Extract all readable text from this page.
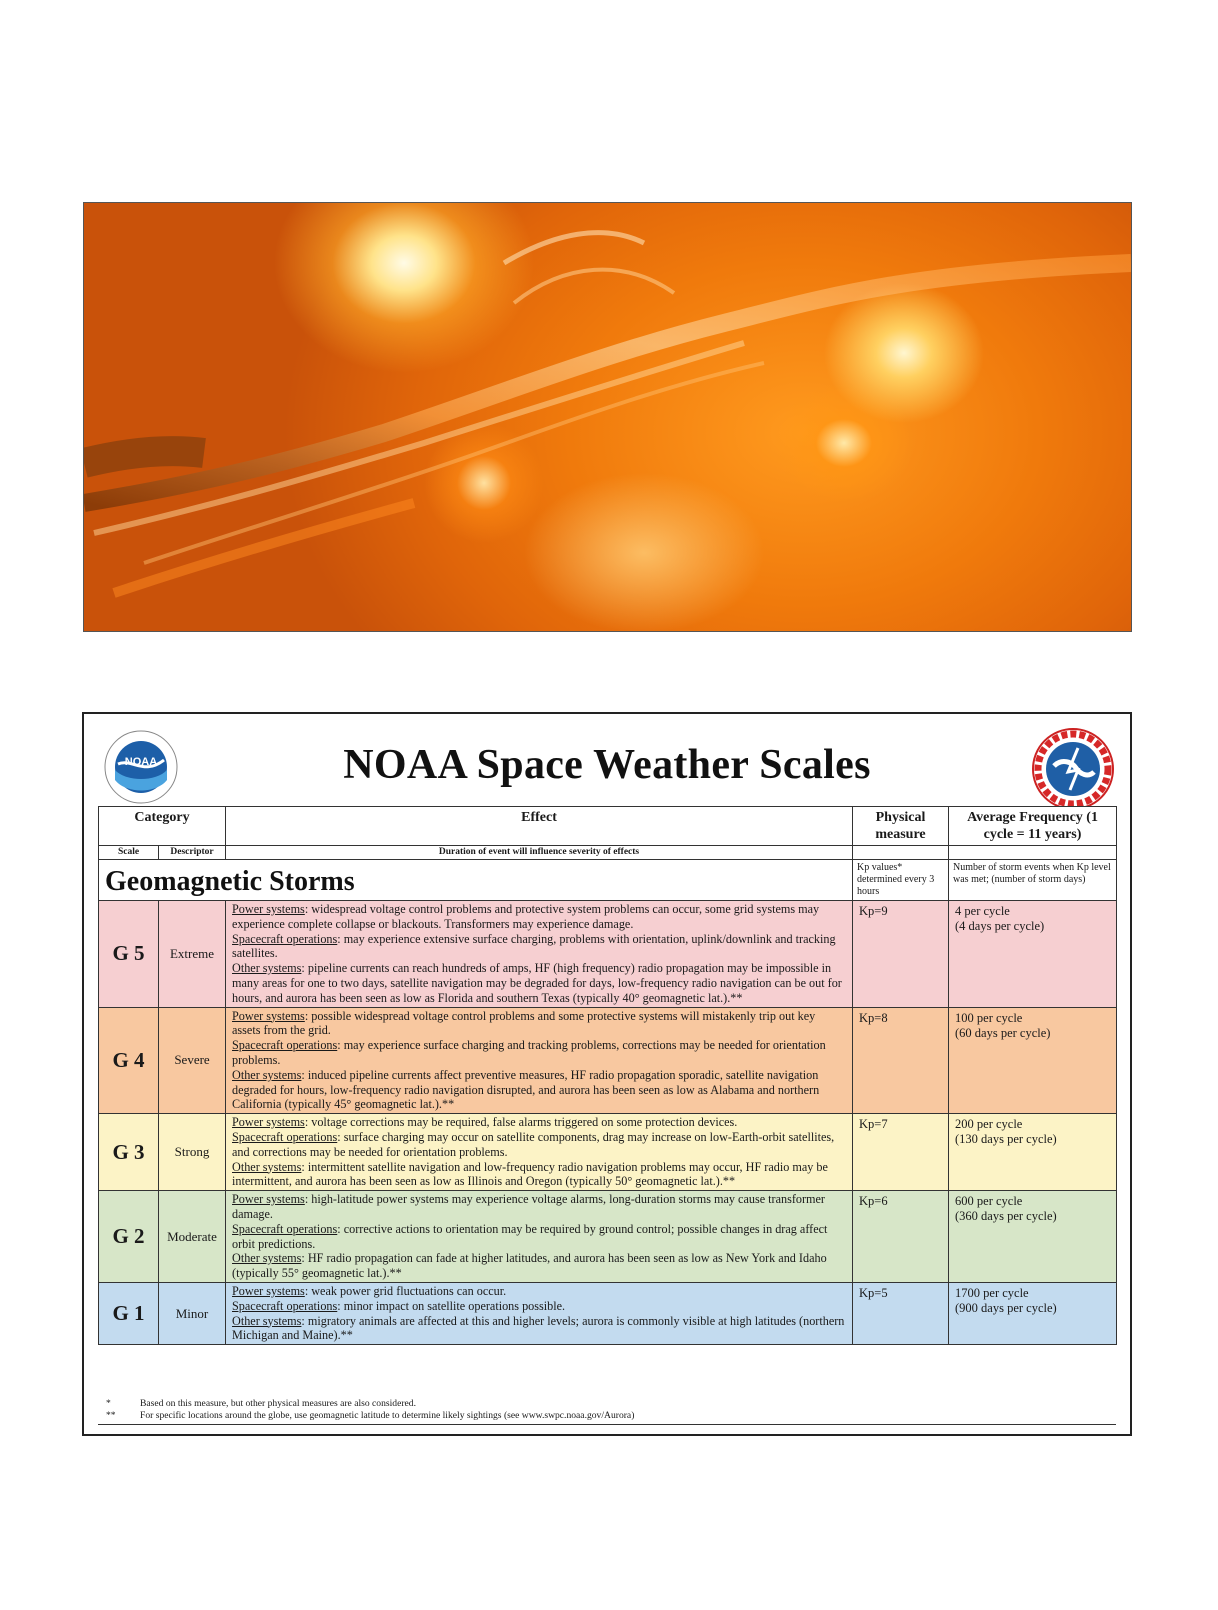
NOAA	NOAA Space Weather Scales
Category		Effect	Physical measure	Average Frequency (1 cycle = 11 years)
Scale	Descriptor	Duration of event will influence severity of effects		
Geomagnetic Storms			Kp values* determined every 3 hours	Number of storm events when Kp level was met; (number of storm days)
G 5	Extreme	Power systems: widespread voltage control problems and protective system problems can occur, some grid systems may experience complete collapse or blackouts. Transformers may experience damage.
Spacecraft operations: may experience extensive surface charging, problems with orientation, uplink/downlink and tracking satellites.
Other systems: pipeline currents can reach hundreds of amps, HF (high frequency) radio propagation may be impossible in many areas for one to two days, satellite navigation may be degraded for days, low-frequency radio navigation can be out for hours, and aurora has been seen as low as Florida and southern Texas (typically 40° geomagnetic lat.).**	Kp=9	4 per cycle
(4 days per cycle)
G 4	Severe	Power systems: possible widespread voltage control problems and some protective systems will mistakenly trip out key assets from the grid.
Spacecraft operations: may experience surface charging and tracking problems, corrections may be needed for orientation problems.
Other systems: induced pipeline currents affect preventive measures, HF radio propagation sporadic, satellite navigation degraded for hours, low-frequency radio navigation disrupted, and aurora has been seen as low as Alabama and northern California (typically 45° geomagnetic lat.).**	Kp=8	100 per cycle
(60 days per cycle)
G 3	Strong	Power systems: voltage corrections may be required, false alarms triggered on some protection devices.
Spacecraft operations: surface charging may occur on satellite components, drag may increase on low-Earth-orbit satellites, and corrections may be needed for orientation problems.
Other systems: intermittent satellite navigation and low-frequency radio navigation problems may occur, HF radio may be intermittent, and aurora has been seen as low as Illinois and Oregon (typically 50° geomagnetic lat.).**	Kp=7	200 per cycle
(130 days per cycle)
G 2	Moderate	Power systems: high-latitude power systems may experience voltage alarms, long-duration storms may cause transformer damage.
Spacecraft operations: corrective actions to orientation may be required by ground control; possible changes in drag affect orbit predictions.
Other systems: HF radio propagation can fade at higher latitudes, and aurora has been seen as low as New York and Idaho (typically 55° geomagnetic lat.).**	Kp=6	600 per cycle
(360 days per cycle)
G 1	Minor	Power systems: weak power grid fluctuations can occur.
Spacecraft operations: minor impact on satellite operations possible.
Other systems: migratory animals are affected at this and higher levels; aurora is commonly visible at high latitudes (northern Michigan and Maine).**	Kp=5	1700 per cycle
(900 days per cycle)
*	Based on this measure, but other physical measures are also considered.
**	For specific locations around the globe, use geomagnetic latitude to determine likely sightings (see www.swpc.noaa.gov/Aurora)
